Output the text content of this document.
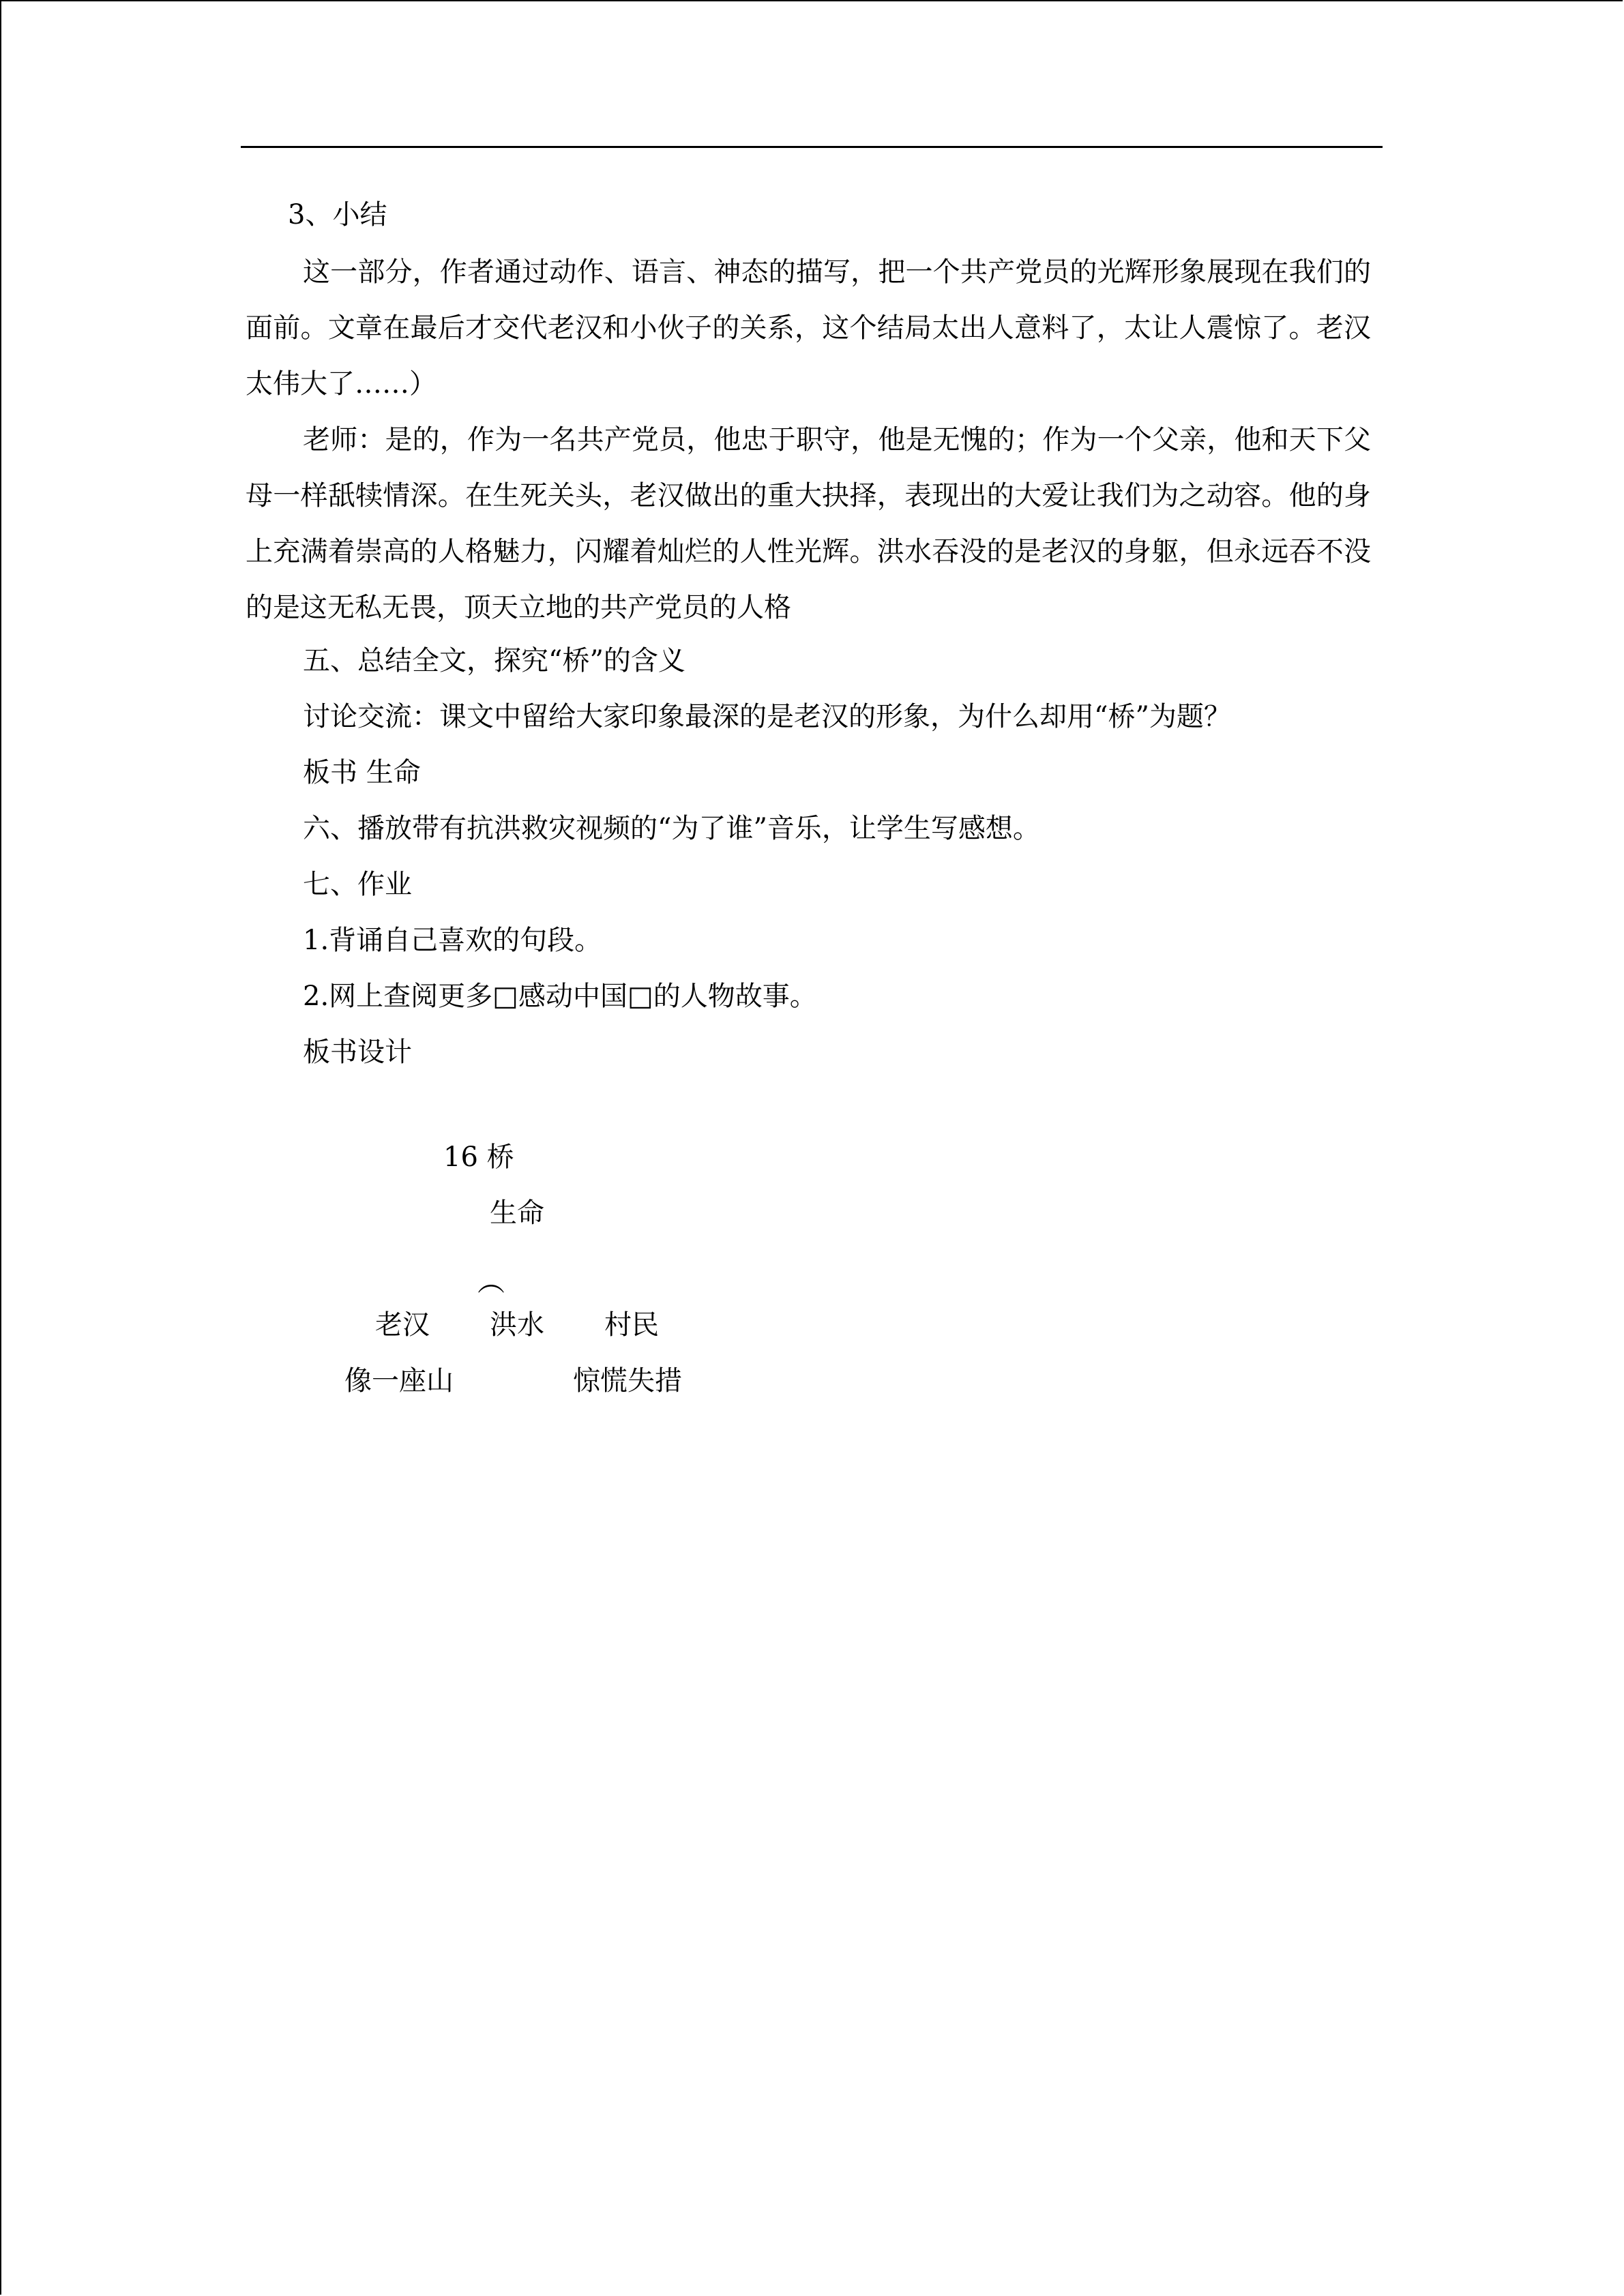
3、小结
这一部分，作者通过动作、语言、神态的描写，把一个共产党员的光辉形象展现在我们的面前。文章在最后才交代老汉和小伙子的关系，这个结局太出人意料了，太让人震惊了。老汉太伟大了……）
老师：是的，作为一名共产党员，他忠于职守，他是无愧的；作为一个父亲，他和天下父母一样舐犊情深。在生死关头，老汉做出的重大抉择，表现出的大爱让我们为之动容。他的身上充满着崇高的人格魅力，闪耀着灿烂的人性光辉。洪水吞没的是老汉的身躯，但永远吞不没的是这无私无畏，顶天立地的共产党员的人格
五、总结全文，探究“桥”的含义
讨论交流：课文中留给大家印象最深的是老汉的形象，为什么却用“桥”为题？
板书 生命
六、播放带有抗洪救灾视频的“为了谁”音乐，让学生写感想。
七、作业
1.背诵自己喜欢的句段。
2.网上查阅更多□感动中国□的人物故事。
板书设计
16 桥
生命
︵
老汉 洪水 村民
像一座山	惊慌失措
